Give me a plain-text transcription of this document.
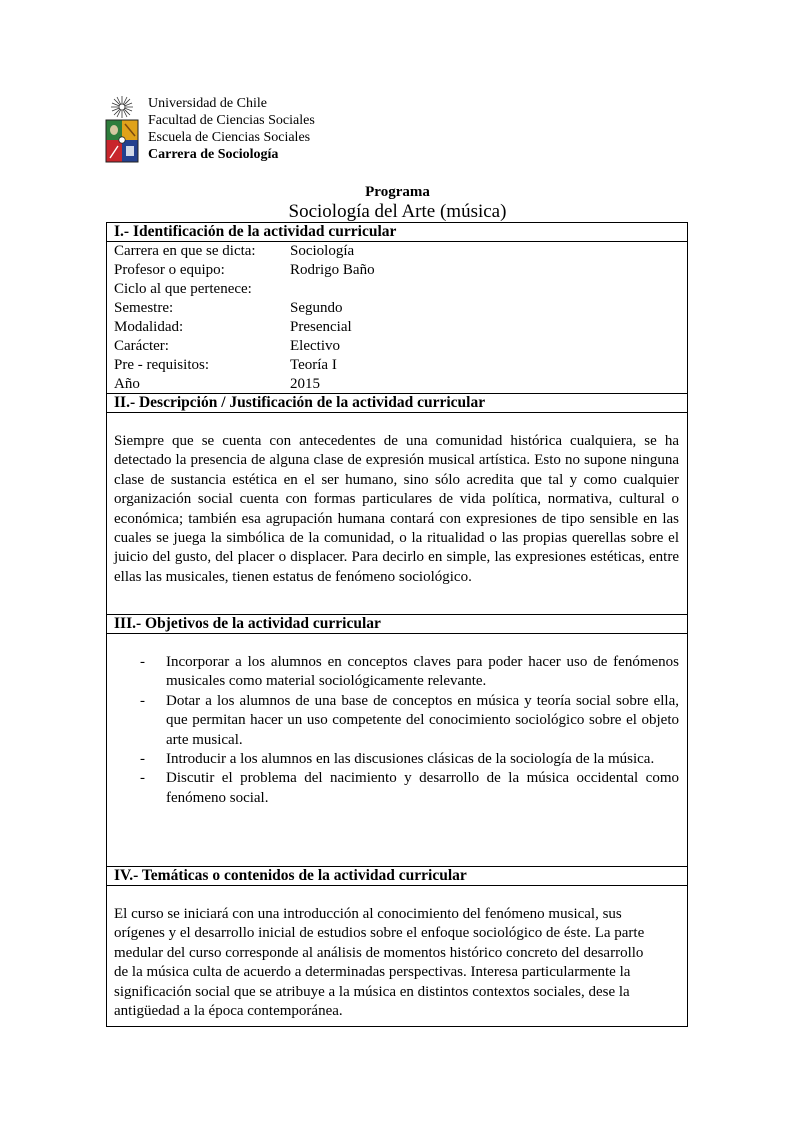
Universidad de Chile
Facultad de Ciencias Sociales
Escuela de Ciencias Sociales
Carrera de Sociología
Programa
Sociología del Arte (música)
I.- Identificación de la actividad curricular
Carrera en que se dicta:	Sociología
Profesor o equipo:	Rodrigo Baño
Ciclo al que pertenece:
Semestre:	Segundo
Modalidad:	Presencial
Carácter:	Electivo
Pre - requisitos:	Teoría I
Año	2015
II.- Descripción / Justificación de la actividad curricular

Siempre que se cuenta con antecedentes de una comunidad histórica cualquiera, se ha detectado la presencia de alguna clase de expresión musical artística. Esto no supone ninguna clase de sustancia estética en el ser humano, sino sólo acredita que tal y como cualquier organización social cuenta con formas particulares de vida política, normativa, cultural o económica; también esa agrupación humana contará con expresiones de tipo sensible en las cuales se juega la simbólica de la comunidad, o la ritualidad o las propias querellas sobre el juicio del gusto, del placer o displacer. Para decirlo en simple, las expresiones estéticas, entre ellas las musicales, tienen estatus de fenómeno sociológico.

III.- Objetivos de la actividad curricular
- Incorporar a los alumnos en conceptos claves para poder hacer uso de fenómenos musicales como material sociológicamente relevante.
- Dotar a los alumnos de una base de conceptos en música y teoría social sobre ella, que permitan hacer un uso competente del conocimiento sociológico sobre el objeto arte musical.
- Introducir a los alumnos en las discusiones clásicas de la sociología de la música.
- Discutir el problema del nacimiento y desarrollo de la música occidental como fenómeno social.
IV.- Temáticas o contenidos de la actividad curricular

El curso se iniciará con una introducción al conocimiento del fenómeno musical, sus orígenes y el desarrollo inicial de estudios sobre el enfoque sociológico de éste. La parte medular del curso corresponde al análisis de momentos histórico concreto del desarrollo de la música culta de acuerdo a determinadas perspectivas. Interesa particularmente la significación social que se atribuye a la música en distintos contextos sociales, dese la antigüedad a la época contemporánea.
